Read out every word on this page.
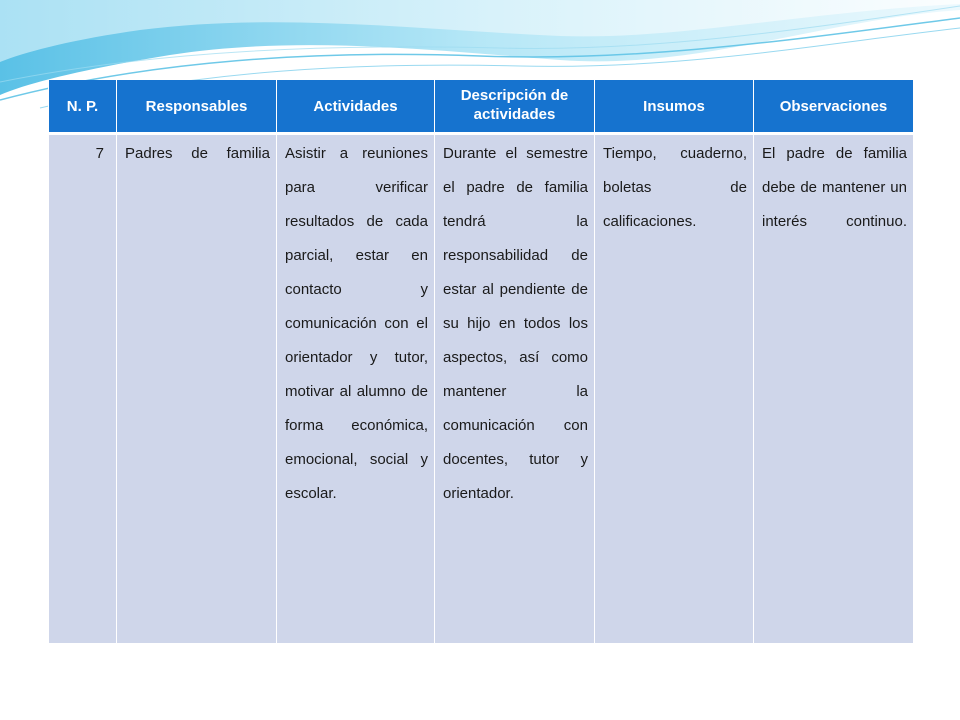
N. P.	Responsables	Actividades	Descripción de actividades	Insumos	Observaciones

7	Padres de familia	Asistir a reuniones para verificar resultados de cada parcial, estar en contacto y comunicación con el orientador y tutor, motivar al alumno de forma económica, emocional, social y escolar.	Durante el semestre el padre de familia tendrá la responsabilidad de estar al pendiente de su hijo en todos los aspectos, así como mantener la comunicación con docentes, tutor y orientador.	Tiempo, cuaderno, boletas de calificaciones.	El padre de familia debe de mantener un interés continuo.
